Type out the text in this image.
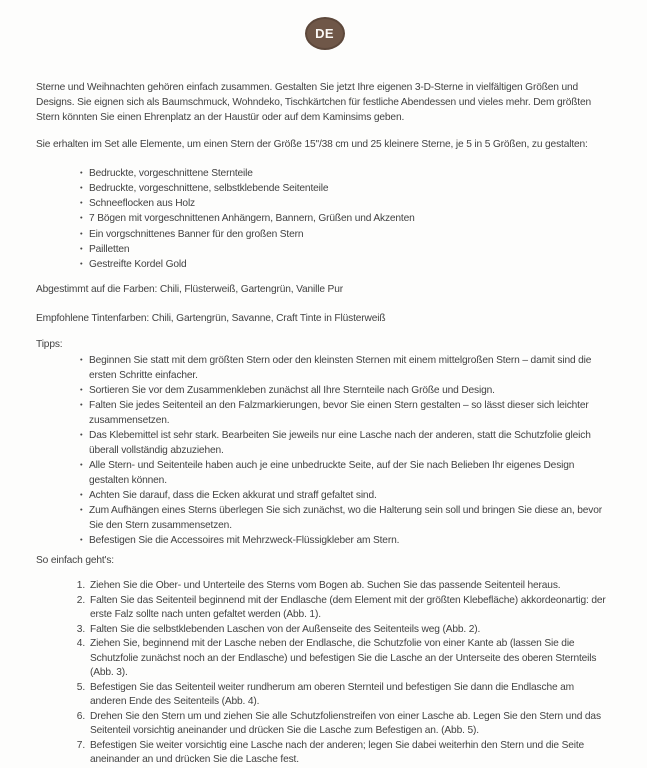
DE

Sterne und Weihnachten gehören einfach zusammen. Gestalten Sie jetzt Ihre eigenen 3-D-Sterne in vielfältigen Größen und Designs. Sie eignen sich als Baumschmuck, Wohndeko, Tischkärtchen für festliche Abendessen und vieles mehr. Dem größten Stern könnten Sie einen Ehrenplatz an der Haustür oder auf dem Kaminsims geben.

Sie erhalten im Set alle Elemente, um einen Stern der Größe 15"/38 cm und 25 kleinere Sterne, je 5 in 5 Größen, zu gestalten:

•
Bedruckte, vorgeschnittene Sternteile
•
Bedruckte, vorgeschnittene, selbstklebende Seitenteile
•
Schneeflocken aus Holz
•
7 Bögen mit vorgeschnittenen Anhängern, Bannern, Grüßen und Akzenten
•
Ein vorgschnittenes Banner für den großen Stern
•
Pailletten
•
Gestreifte Kordel Gold

Abgestimmt auf die Farben: Chili, Flüsterweiß, Gartengrün, Vanille Pur

Empfohlene Tintenfarben: Chili, Gartengrün, Savanne, Craft Tinte in Flüsterweiß

Tipps:

•
Beginnen Sie statt mit dem größten Stern oder den kleinsten Sternen mit einem mittelgroßen Stern – damit sind die ersten Schritte einfacher.
•
Sortieren Sie vor dem Zusammenkleben zunächst all Ihre Sternteile nach Größe und Design.
•
Falten Sie jedes Seitenteil an den Falzmarkierungen, bevor Sie einen Stern gestalten – so lässt dieser sich leichter zusammensetzen.
•
Das Klebemittel ist sehr stark. Bearbeiten Sie jeweils nur eine Lasche nach der anderen, statt die Schutzfolie gleich überall vollständig abzuziehen.
•
Alle Stern- und Seitenteile haben auch je eine unbedruckte Seite, auf der Sie nach Belieben Ihr eigenes Design gestalten können.
•
Achten Sie darauf, dass die Ecken akkurat und straff gefaltet sind.
•
Zum Aufhängen eines Sterns überlegen Sie sich zunächst, wo die Halterung sein soll und bringen Sie diese an, bevor Sie den Stern zusammensetzen.
•
Befestigen Sie die Accessoires mit Mehrzweck-Flüssigkleber am Stern.

So einfach geht's:

1. Ziehen Sie die Ober- und Unterteile des Sterns vom Bogen ab. Suchen Sie das passende Seitenteil heraus.
2. Falten Sie das Seitenteil beginnend mit der Endlasche (dem Element mit der größten Klebefläche) akkordeonartig: der erste Falz sollte nach unten gefaltet werden (Abb. 1).
3. Falten Sie die selbstklebenden Laschen von der Außenseite des Seitenteils weg (Abb. 2).
4. Ziehen Sie, beginnend mit der Lasche neben der Endlasche, die Schutzfolie von einer Kante ab (lassen Sie die Schutzfolie zunächst noch an der Endlasche) und befestigen Sie die Lasche an der Unterseite des oberen Sternteils (Abb. 3).
5. Befestigen Sie das Seitenteil weiter rundherum am oberen Sternteil und befestigen Sie dann die Endlasche am anderen Ende des Seitenteils (Abb. 4).
6. Drehen Sie den Stern um und ziehen Sie alle Schutzfolienstreifen von einer Lasche ab. Legen Sie den Stern und das Seitenteil vorsichtig aneinander und drücken Sie die Lasche zum Befestigen an. (Abb. 5).
7. Befestigen Sie weiter vorsichtig eine Lasche nach der anderen; legen Sie dabei weiterhin den Stern und die Seite aneinander an und drücken Sie die Lasche fest.
